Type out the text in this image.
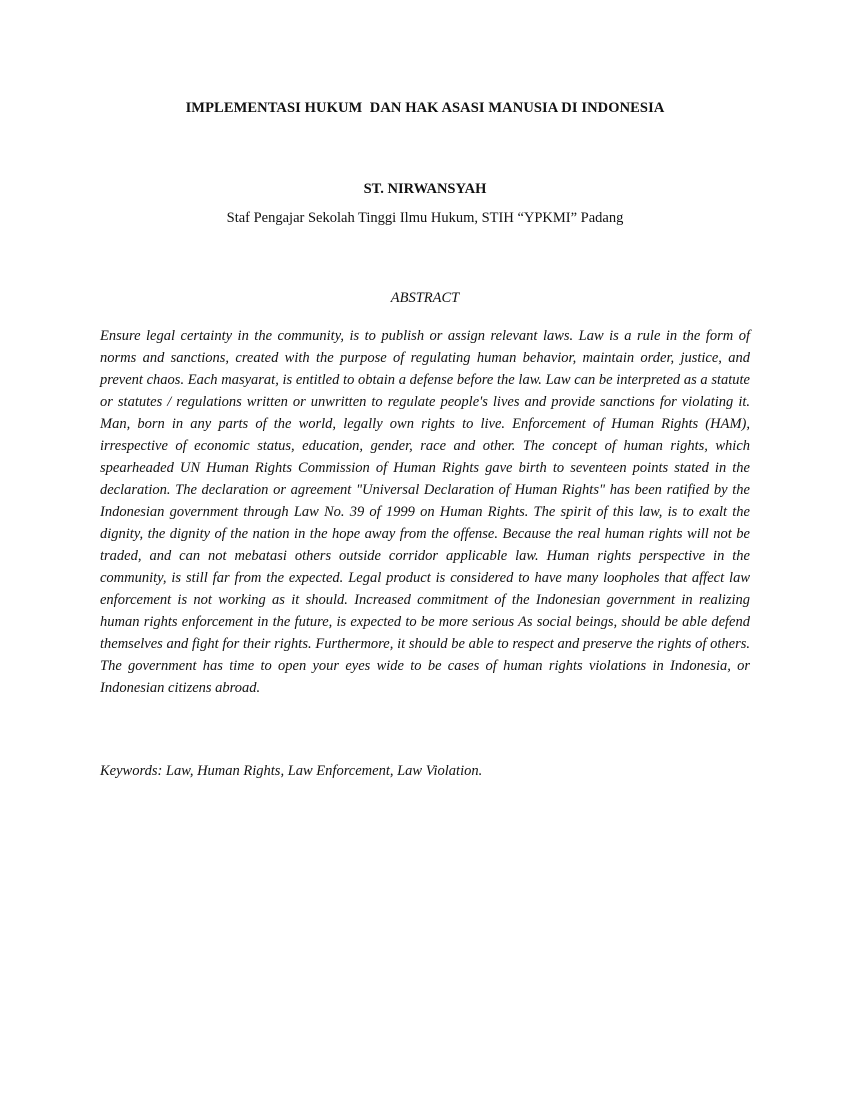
IMPLEMENTASI HUKUM  DAN HAK ASASI MANUSIA DI INDONESIA
ST. NIRWANSYAH
Staf Pengajar Sekolah Tinggi Ilmu Hukum, STIH “YPKMI” Padang
ABSTRACT

Ensure legal certainty in the community, is to publish or assign relevant laws. Law is a rule in the form of norms and sanctions, created with the purpose of regulating human behavior, maintain order, justice, and prevent chaos. Each masyarat, is entitled to obtain a defense before the law. Law can be interpreted as a statute or statutes / regulations written or unwritten to regulate people's lives and provide sanctions for violating it. Man, born in any parts of the world, legally own rights to live. Enforcement of Human Rights (HAM), irrespective of economic status, education, gender, race and other. The concept of human rights, which spearheaded UN Human Rights Commission of Human Rights gave birth to seventeen points stated in the declaration. The declaration or agreement "Universal Declaration of Human Rights" has been ratified by the Indonesian government through Law No. 39 of 1999 on Human Rights. The spirit of this law, is to exalt the dignity, the dignity of the nation in the hope away from the offense. Because the real human rights will not be traded, and can not mebatasi others outside corridor applicable law. Human rights perspective in the community, is still far from the expected. Legal product is considered to have many loopholes that affect law enforcement is not working as it should. Increased commitment of the Indonesian government in realizing human rights enforcement in the future, is expected to be more serious As social beings, should be able defend themselves and fight for their rights. Furthermore, it should be able to respect and preserve the rights of others. The government has time to open your eyes wide to be cases of human rights violations in Indonesia, or Indonesian citizens abroad.

Keywords: Law, Human Rights, Law Enforcement, Law Violation.
